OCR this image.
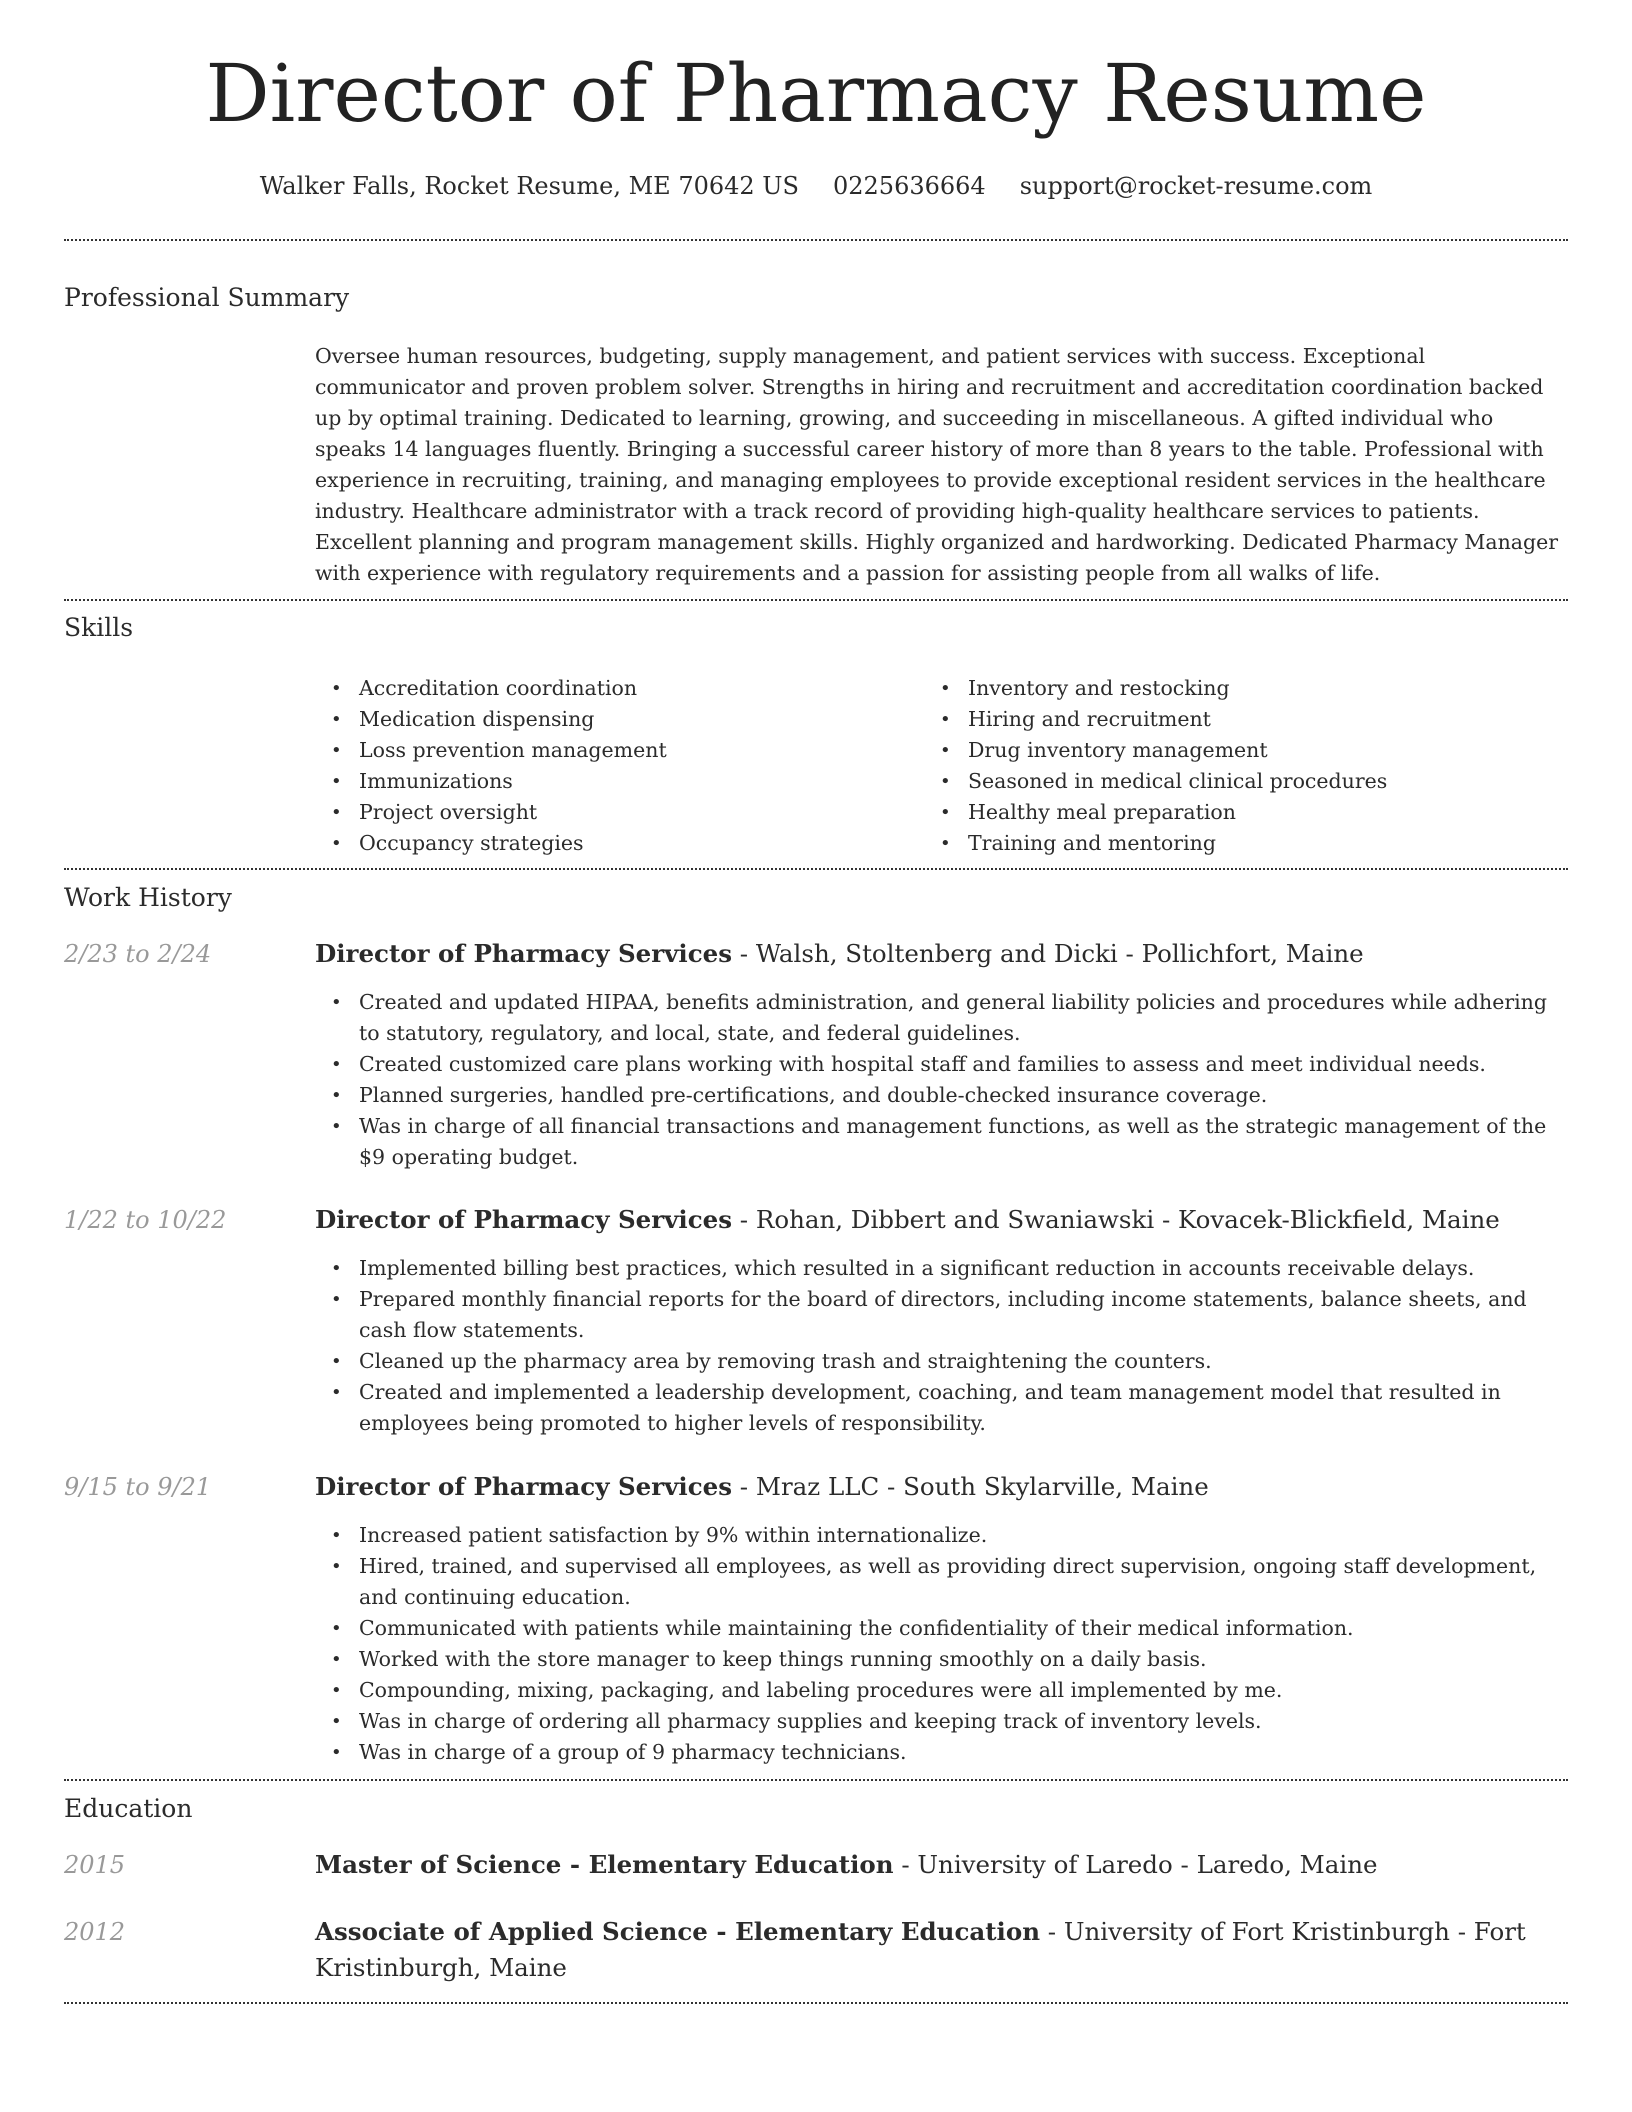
Director of Pharmacy Resume
Walker Falls, Rocket Resume, ME 70642 US 0225636664 support@rocket-resume.com
Professional Summary

Oversee human resources, budgeting, supply management, and patient services with success. Exceptional communicator and proven problem solver. Strengths in hiring and recruitment and accreditation coordination backed up by optimal training. Dedicated to learning, growing, and succeeding in miscellaneous. A gifted individual who speaks 14 languages fluently. Bringing a successful career history of more than 8 years to the table. Professional with experience in recruiting, training, and managing employees to provide exceptional resident services in the healthcare industry. Healthcare administrator with a track record of providing high-quality healthcare services to patients. Excellent planning and program management skills. Highly organized and hardworking. Dedicated Pharmacy Manager with experience with regulatory requirements and a passion for assisting people from all walks of life.

Skills
• Accreditation coordination
• Medication dispensing
• Loss prevention management
• Immunizations
• Project oversight
• Occupancy strategies
• Inventory and restocking
• Hiring and recruitment
• Drug inventory management
• Seasoned in medical clinical procedures
• Healthy meal preparation
• Training and mentoring
Work History
2/23 to 2/24	Director of Pharmacy Services - Walsh, Stoltenberg and Dicki - Pollichfort, Maine
• Created and updated HIPAA, benefits administration, and general liability policies and procedures while adhering to statutory, regulatory, and local, state, and federal guidelines.
• Created customized care plans working with hospital staff and families to assess and meet individual needs.
• Planned surgeries, handled pre-certifications, and double-checked insurance coverage.
• Was in charge of all financial transactions and management functions, as well as the strategic management of the $9 operating budget.
1/22 to 10/22	Director of Pharmacy Services - Rohan, Dibbert and Swaniawski - Kovacek-Blickfield, Maine
• Implemented billing best practices, which resulted in a significant reduction in accounts receivable delays.
• Prepared monthly financial reports for the board of directors, including income statements, balance sheets, and cash flow statements.
• Cleaned up the pharmacy area by removing trash and straightening the counters.
• Created and implemented a leadership development, coaching, and team management model that resulted in employees being promoted to higher levels of responsibility.
9/15 to 9/21	Director of Pharmacy Services - Mraz LLC - South Skylarville, Maine
• Increased patient satisfaction by 9% within internationalize.
• Hired, trained, and supervised all employees, as well as providing direct supervision, ongoing staff development, and continuing education.
• Communicated with patients while maintaining the confidentiality of their medical information.
• Worked with the store manager to keep things running smoothly on a daily basis.
• Compounding, mixing, packaging, and labeling procedures were all implemented by me.
• Was in charge of ordering all pharmacy supplies and keeping track of inventory levels.
• Was in charge of a group of 9 pharmacy technicians.
Education
2015	Master of Science - Elementary Education - University of Laredo - Laredo, Maine
2012	Associate of Applied Science - Elementary Education - University of Fort Kristinburgh - Fort Kristinburgh, Maine
